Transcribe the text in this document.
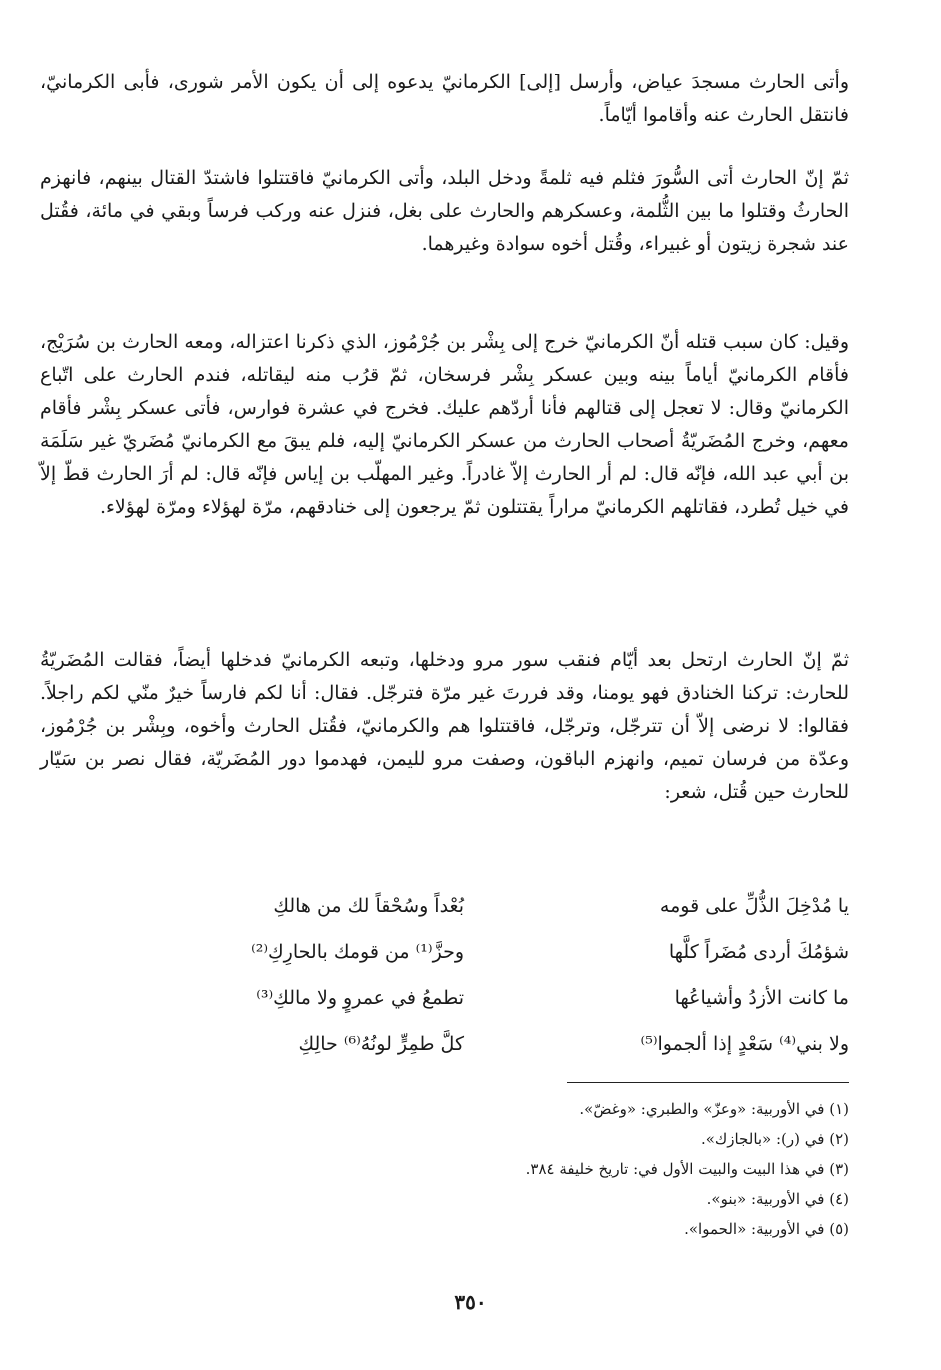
وأتى الحارث مسجدَ عياض، وأرسل [إلى] الكرمانيّ يدعوه إلى أن يكون الأمر شورى، فأبى الكرمانيّ، فانتقل الحارث عنه وأقاموا أيّاماً.

ثمّ إنّ الحارث أتى السُّورَ فثلم فيه ثلمةً ودخل البلد، وأتى الكرمانيّ فاقتتلوا فاشتدّ القتال بينهم، فانهزم الحارثُ وقتلوا ما بين الثُّلمة، وعسكرهم والحارث على بغل، فنزل عنه وركب فرساً وبقي في مائة، فقُتل عند شجرة زيتون أو غبيراء، وقُتل أخوه سوادة وغيرهما.

وقيل: كان سبب قتله أنّ الكرمانيّ خرج إلى بِشْر بن جُرْمُوز، الذي ذكرنا اعتزاله، ومعه الحارث بن سُرَيْج، فأقام الكرمانيّ أياماً بينه وبين عسكر بِشْر فرسخان، ثمّ قرُب منه ليقاتله، فندم الحارث على اتّباع الكرمانيّ وقال: لا تعجل إلى قتالهم فأنا أردّهم عليك. فخرج في عشرة فوارس، فأتى عسكر بِشْر فأقام معهم، وخرج المُضَريّةُ أصحاب الحارث من عسكر الكرمانيّ إليه، فلم يبقَ مع الكرمانيّ مُضَريّ غير سَلَمَة بن أبي عبد الله، فإنّه قال: لم أر الحارث إلاّ غادراً. وغير المهلّب بن إياس فإنّه قال: لم أرَ الحارث قطّ إلاّ في خيل تُطرد، فقاتلهم الكرمانيّ مراراً يقتتلون ثمّ يرجعون إلى خنادقهم، مرّة لهؤلاء ومرّة لهؤلاء.

ثمّ إنّ الحارث ارتحل بعد أيّام فنقب سور مرو ودخلها، وتبعه الكرمانيّ فدخلها أيضاً، فقالت المُضَريّةُ للحارث: تركنا الخنادق فهو يومنا، وقد فررتَ غير مرّة فترجّل. فقال: أنا لكم فارساً خيرٌ منّي لكم راجلاً. فقالوا: لا نرضى إلاّ أن تترجّل، وترجّل، فاقتتلوا هم والكرمانيّ، فقُتل الحارث وأخوه، وبِشْر بن جُرْمُوز، وعدّة من فرسان تميم، وانهزم الباقون، وصفت مرو لليمن، فهدموا دور المُضَريّة، فقال نصر بن سَيّار للحارث حين قُتل، شعر:

يا مُدْخِلَ الذُّلِّ على قومه
بُعْداً وسُحْقاً لك من هالكِ
شؤمُكَ أردى مُضَراً كلَّها
وحزَّ⁽¹⁾ من قومك بالحارِكِ⁽²⁾
ما كانت الأزدُ وأشياعُها
تطمعُ في عمروٍ ولا مالكِ⁽³⁾
ولا بني⁽⁴⁾ سَعْدٍ إذا ألجموا⁽⁵⁾
كلَّ طمِرٍّ لونُهُ⁽⁶⁾ حالِكِ
(١) في الأوربية: «وعزّ» والطبري: «وغضّ».
(٢) في (ر): «بالجازك».
(٣) في هذا البيت والبيت الأول في: تاريخ خليفة ٣٨٤.
(٤) في الأوربية: «بنو».
(٥) في الأوربية: «الحموا».
٣٥٠
